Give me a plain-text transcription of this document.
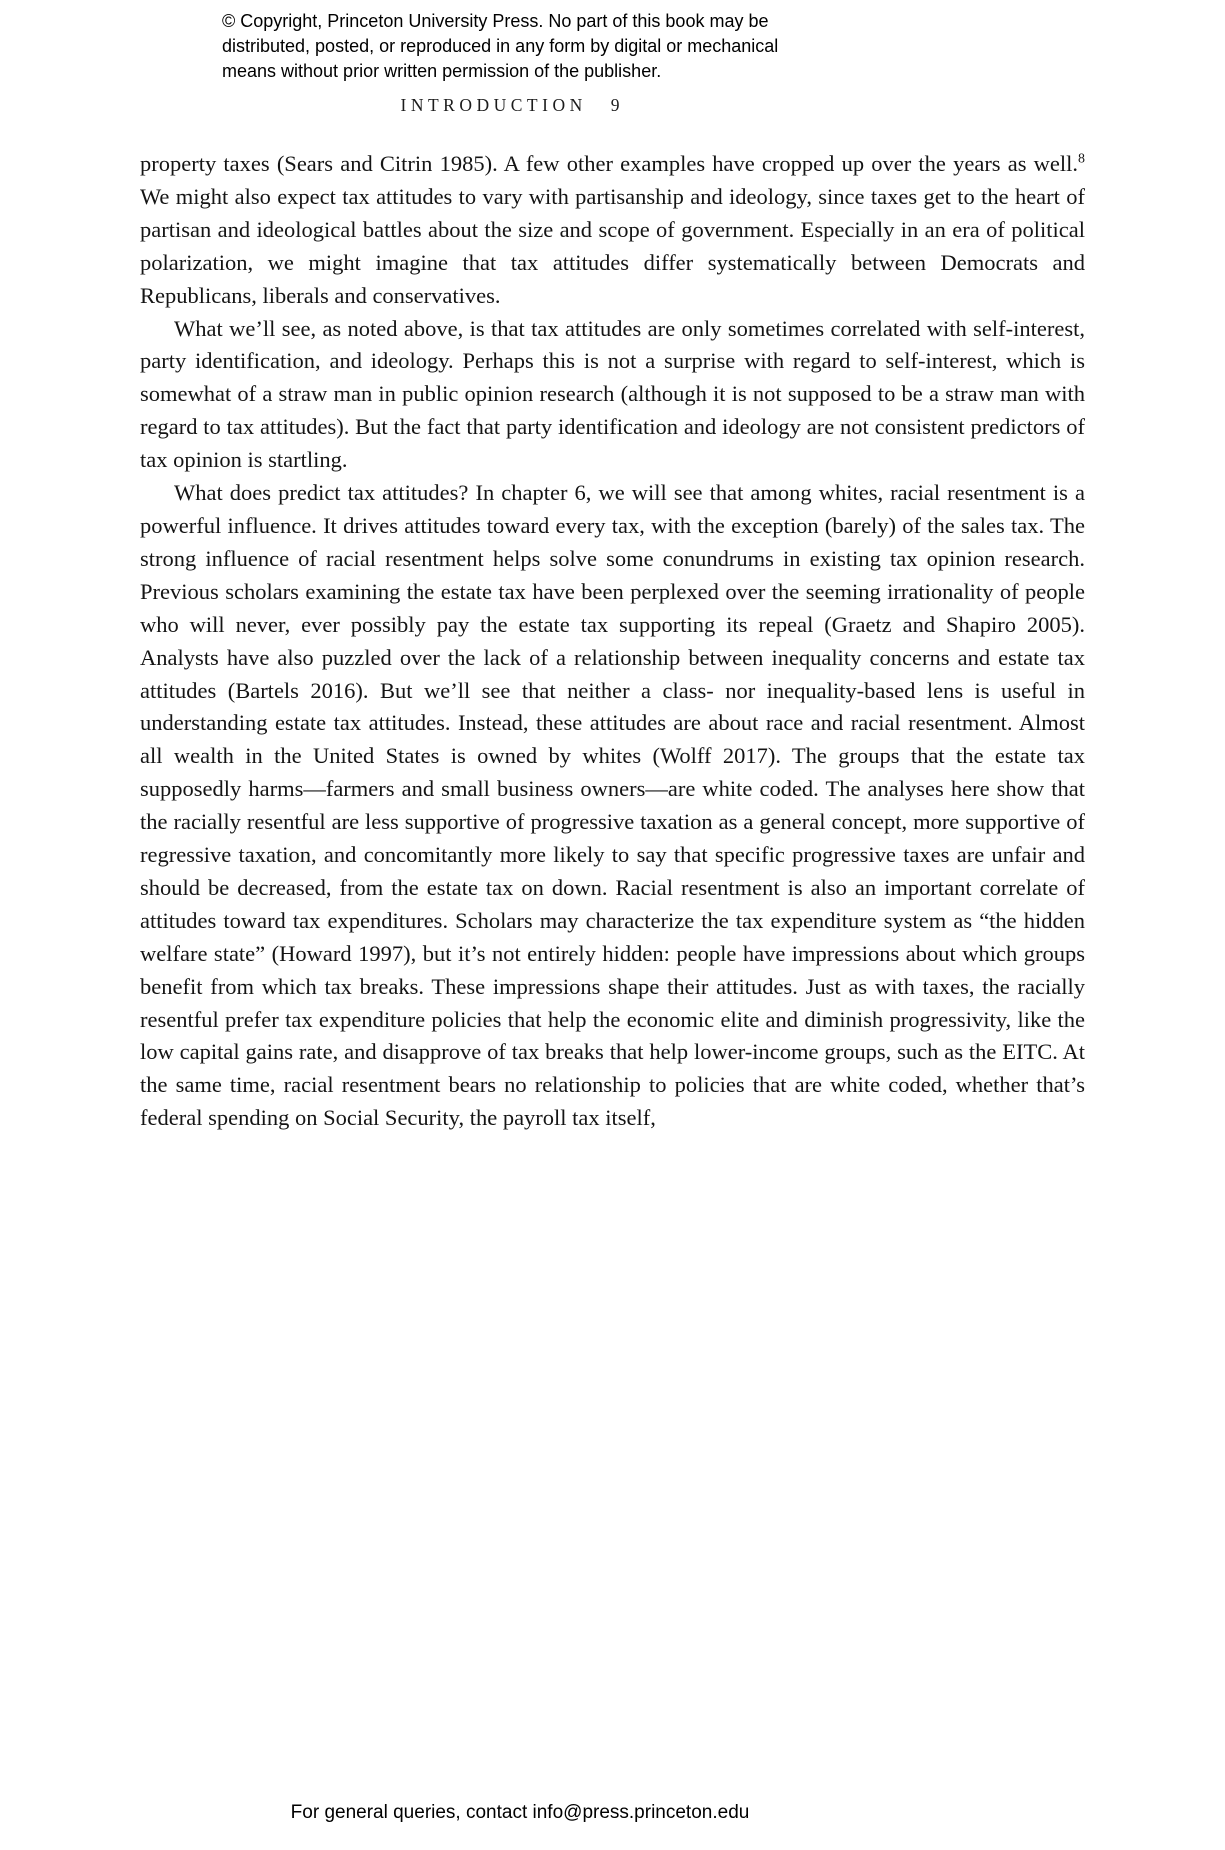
© Copyright, Princeton University Press. No part of this book may be
distributed, posted, or reproduced in any form by digital or mechanical
means without prior written permission of the publisher.
INTRODUCTION 9

property taxes (Sears and Citrin 1985). A few other examples have cropped up over the years as well.$^8$ We might also expect tax attitudes to vary with partisanship and ideology, since taxes get to the heart of partisan and ideological battles about the size and scope of government. Especially in an era of political polarization, we might imagine that tax attitudes differ systematically between Democrats and Republicans, liberals and conservatives.

What we’ll see, as noted above, is that tax attitudes are only sometimes correlated with self-interest, party identification, and ideology. Perhaps this is not a surprise with regard to self-interest, which is somewhat of a straw man in public opinion research (although it is not supposed to be a straw man with regard to tax attitudes). But the fact that party identification and ideology are not consistent predictors of tax opinion is startling.

What does predict tax attitudes? In chapter 6, we will see that among whites, racial resentment is a powerful influence. It drives attitudes toward every tax, with the exception (barely) of the sales tax. The strong influence of racial resentment helps solve some conundrums in existing tax opinion research. Previous scholars examining the estate tax have been perplexed over the seeming irrationality of people who will never, ever possibly pay the estate tax supporting its repeal (Graetz and Shapiro 2005). Analysts have also puzzled over the lack of a relationship between inequality concerns and estate tax attitudes (Bartels 2016). But we’ll see that neither a class- nor inequality-based lens is useful in understanding estate tax attitudes. Instead, these attitudes are about race and racial resentment. Almost all wealth in the United States is owned by whites (Wolff 2017). The groups that the estate tax supposedly harms—farmers and small business owners—are white coded. The analyses here show that the racially resentful are less supportive of progressive taxation as a general concept, more supportive of regressive taxation, and concomitantly more likely to say that specific progressive taxes are unfair and should be decreased, from the estate tax on down. Racial resentment is also an important correlate of attitudes toward tax expenditures. Scholars may characterize the tax expenditure system as “the hidden welfare state” (Howard 1997), but it’s not entirely hidden: people have impressions about which groups benefit from which tax breaks. These impressions shape their attitudes. Just as with taxes, the racially resentful prefer tax expenditure policies that help the economic elite and diminish progressivity, like the low capital gains rate, and disapprove of tax breaks that help lower-income groups, such as the EITC. At the same time, racial resentment bears no relationship to policies that are white coded, whether that’s federal spending on Social Security, the payroll tax itself,

For general queries, contact info@press.princeton.edu
